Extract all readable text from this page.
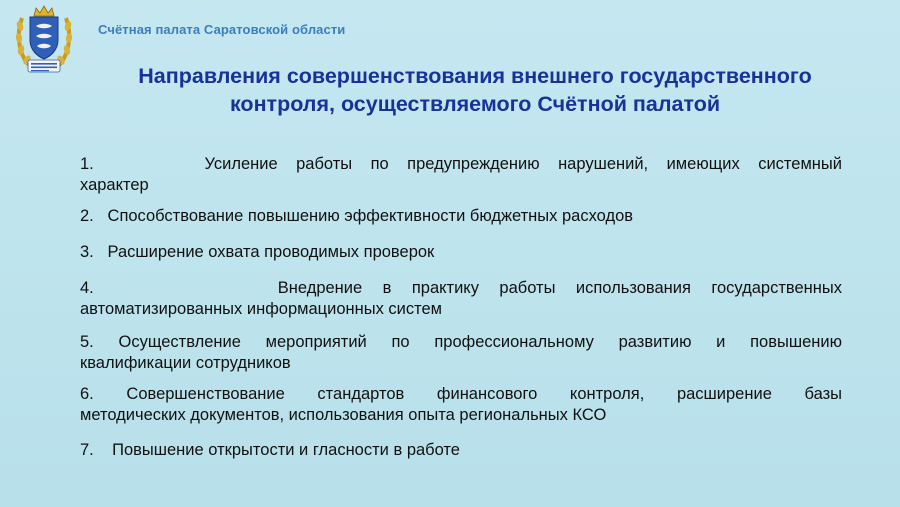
Счётная палата Саратовской области
Направления совершенствования внешнего государственного
контроля, осуществляемого Счётной палатой
1.	Усиление работы по предупреждению нарушений, имеющих системный
характер
2. Способствование повышению эффективности бюджетных расходов
3. Расширение охвата проводимых проверок
4.	Внедрение в практику работы использования государственных
автоматизированных информационных систем
5. Осуществление мероприятий по профессиональному развитию и повышению
квалификации сотрудников
6. Совершенствование стандартов финансового контроля, расширение базы
методических документов, использования опыта региональных КСО
7. Повышение открытости и гласности в работе
